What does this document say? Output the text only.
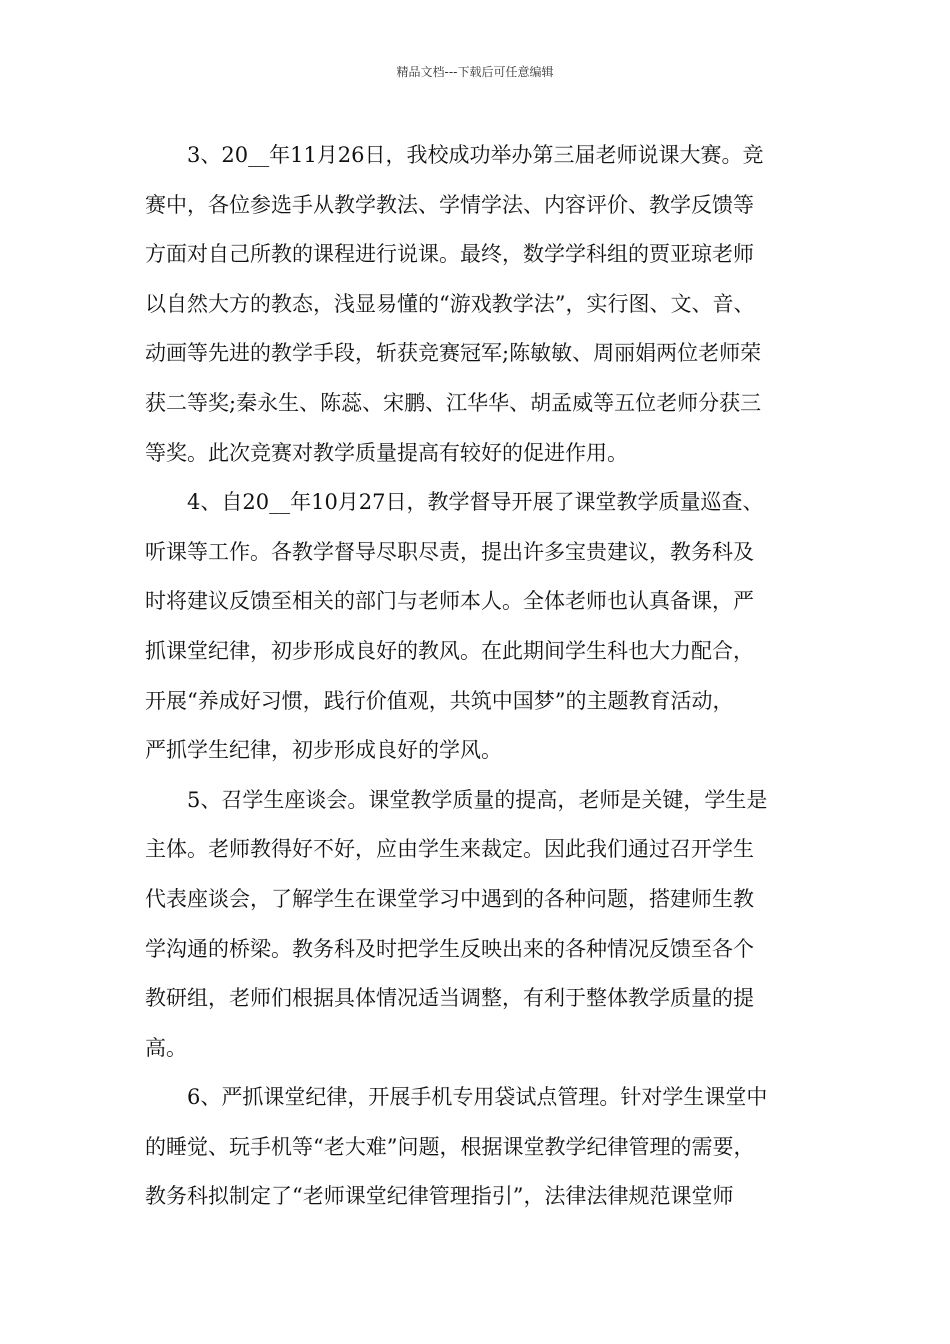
精品文档---下载后可任意编辑
3、20__年11月26日，我校成功举办第三届老师说课大赛。竞
赛中，各位参选手从教学教法、学情学法、内容评价、教学反馈等
方面对自己所教的课程进行说课。最终，数学学科组的贾亚琼老师
以自然大方的教态，浅显易懂的“游戏教学法”，实行图、文、音、
动画等先进的教学手段，斩获竞赛冠军;陈敏敏、周丽娟两位老师荣
获二等奖;秦永生、陈蕊、宋鹏、江华华、胡孟威等五位老师分获三
等奖。此次竞赛对教学质量提高有较好的促进作用。
4、自20__年10月27日，教学督导开展了课堂教学质量巡查、
听课等工作。各教学督导尽职尽责，提出许多宝贵建议，教务科及
时将建议反馈至相关的部门与老师本人。全体老师也认真备课，严
抓课堂纪律，初步形成良好的教风。在此期间学生科也大力配合，
开展“养成好习惯，践行价值观，共筑中国梦”的主题教育活动，
严抓学生纪律，初步形成良好的学风。
5、召学生座谈会。课堂教学质量的提高，老师是关键，学生是
主体。老师教得好不好，应由学生来裁定。因此我们通过召开学生
代表座谈会，了解学生在课堂学习中遇到的各种问题，搭建师生教
学沟通的桥梁。教务科及时把学生反映出来的各种情况反馈至各个
教研组，老师们根据具体情况适当调整，有利于整体教学质量的提
高。
6、严抓课堂纪律，开展手机专用袋试点管理。针对学生课堂中
的睡觉、玩手机等“老大难”问题，根据课堂教学纪律管理的需要，
教务科拟制定了“老师课堂纪律管理指引”，法律法律规范课堂师
